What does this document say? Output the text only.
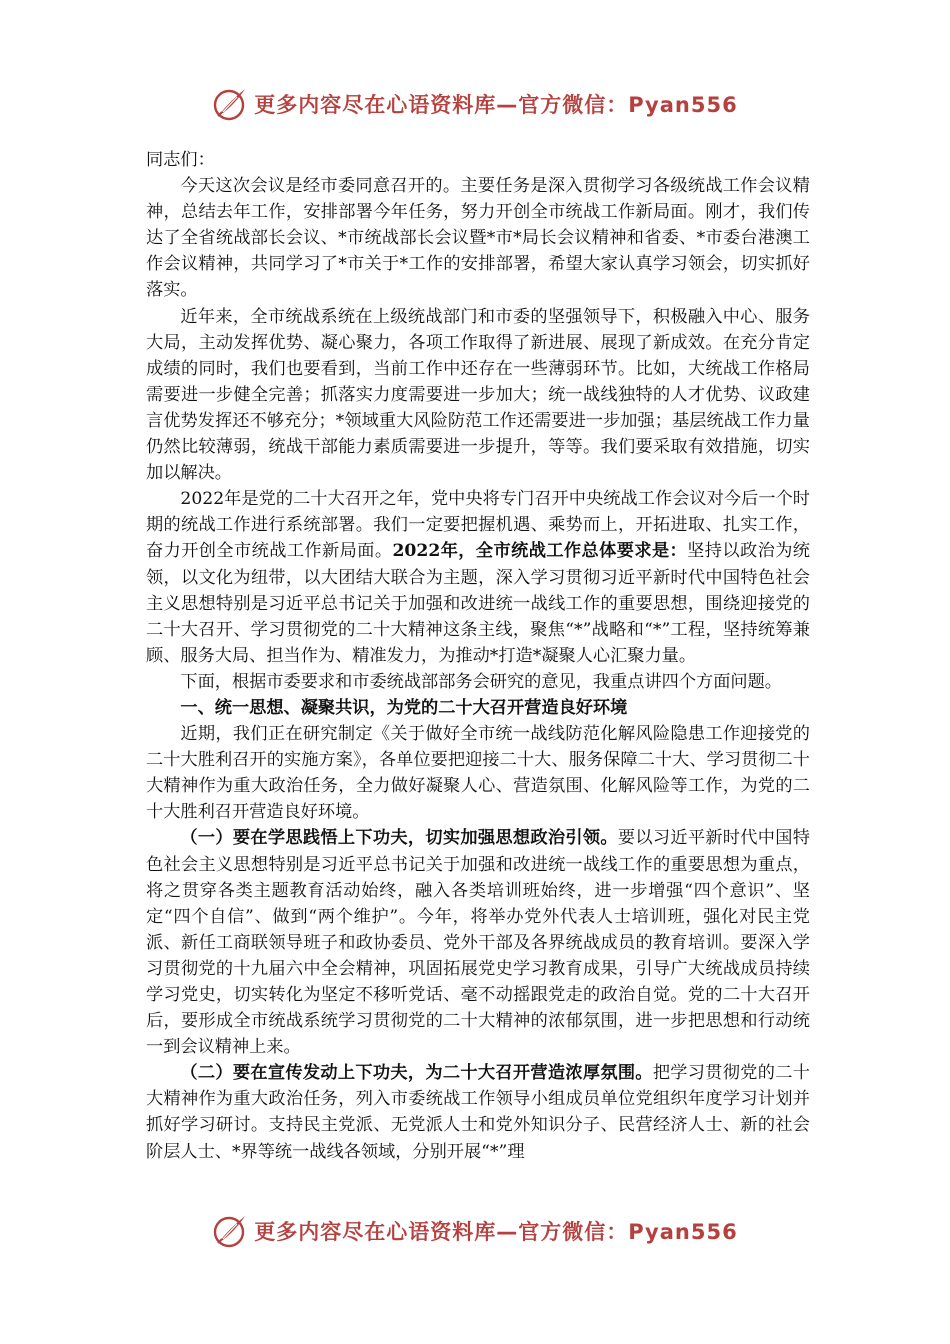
更多内容尽在心语资料库—官方微信：Pyan556

同志们：

今天这次会议是经市委同意召开的。主要任务是深入贯彻学习各级统战工作会议精神，总结去年工作，安排部署今年任务，努力开创全市统战工作新局面。刚才，我们传达了全省统战部长会议、*市统战部长会议暨*市*局长会议精神和省委、*市委台港澳工作会议精神，共同学习了*市关于*工作的安排部署，希望大家认真学习领会，切实抓好落实。

近年来，全市统战系统在上级统战部门和市委的坚强领导下，积极融入中心、服务大局，主动发挥优势、凝心聚力，各项工作取得了新进展、展现了新成效。在充分肯定成绩的同时，我们也要看到，当前工作中还存在一些薄弱环节。比如，大统战工作格局需要进一步健全完善；抓落实力度需要进一步加大；统一战线独特的人才优势、议政建言优势发挥还不够充分；*领域重大风险防范工作还需要进一步加强；基层统战工作力量仍然比较薄弱，统战干部能力素质需要进一步提升，等等。我们要采取有效措施，切实加以解决。

2022年是党的二十大召开之年，党中央将专门召开中央统战工作会议对今后一个时期的统战工作进行系统部署。我们一定要把握机遇、乘势而上，开拓进取、扎实工作，奋力开创全市统战工作新局面。2022年，全市统战工作总体要求是：坚持以政治为统领，以文化为纽带，以大团结大联合为主题，深入学习贯彻习近平新时代中国特色社会主义思想特别是习近平总书记关于加强和改进统一战线工作的重要思想，围绕迎接党的二十大召开、学习贯彻党的二十大精神这条主线，聚焦“*”战略和“*”工程，坚持统筹兼顾、服务大局、担当作为、精准发力，为推动*打造*凝聚人心汇聚力量。

下面，根据市委要求和市委统战部部务会研究的意见，我重点讲四个方面问题。

一、统一思想、凝聚共识，为党的二十大召开营造良好环境

近期，我们正在研究制定《关于做好全市统一战线防范化解风险隐患工作迎接党的二十大胜利召开的实施方案》，各单位要把迎接二十大、服务保障二十大、学习贯彻二十大精神作为重大政治任务，全力做好凝聚人心、营造氛围、化解风险等工作，为党的二十大胜利召开营造良好环境。

（一）要在学思践悟上下功夫，切实加强思想政治引领。要以习近平新时代中国特色社会主义思想特别是习近平总书记关于加强和改进统一战线工作的重要思想为重点，将之贯穿各类主题教育活动始终，融入各类培训班始终，进一步增强“四个意识”、坚定“四个自信”、做到“两个维护”。今年，将举办党外代表人士培训班，强化对民主党派、新任工商联领导班子和政协委员、党外干部及各界统战成员的教育培训。要深入学习贯彻党的十九届六中全会精神，巩固拓展党史学习教育成果，引导广大统战成员持续学习党史，切实转化为坚定不移听党话、毫不动摇跟党走的政治自觉。党的二十大召开后，要形成全市统战系统学习贯彻党的二十大精神的浓郁氛围，进一步把思想和行动统一到会议精神上来。

（二）要在宣传发动上下功夫，为二十大召开营造浓厚氛围。把学习贯彻党的二十大精神作为重大政治任务，列入市委统战工作领导小组成员单位党组织年度学习计划并抓好学习研讨。支持民主党派、无党派人士和党外知识分子、民营经济人士、新的社会阶层人士、*界等统一战线各领域，分别开展“*”理

更多内容尽在心语资料库—官方微信：Pyan556
